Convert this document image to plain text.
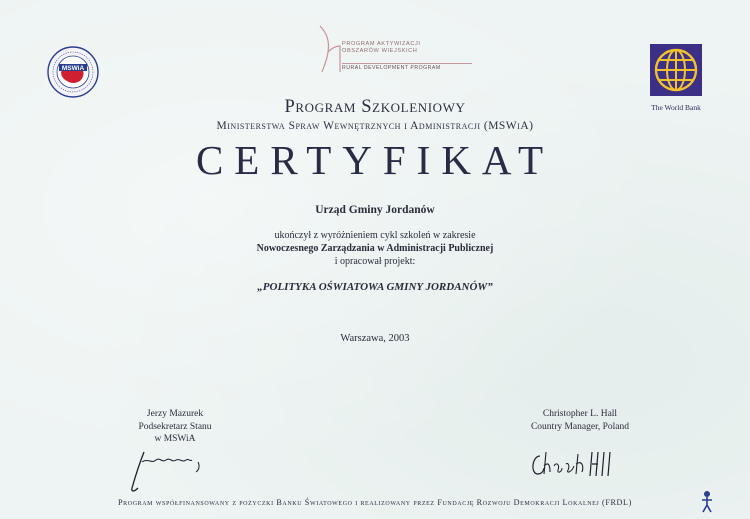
MSWiA
PROGRAM AKTYWIZACJI
OBSZARÓW WIEJSKICH
RURAL DEVELOPMENT PROGRAM
The World Bank
Program Szkoleniowy
Ministerstwa Spraw Wewnętrznych i Administracji (MSWiA)
CERTYFIKAT
Urząd Gminy Jordanów
ukończył z wyróżnieniem cykl szkoleń w zakresie
Nowoczesnego Zarządzania w Administracji Publicznej
i opracował projekt:
„POLITYKA OŚWIATOWA GMINY JORDANÓW”
Warszawa, 2003
Jerzy Mazurek
Podsekretarz Stanu
w MSWiA
Christopher L. Hall
Country Manager, Poland
Program współfinansowany z pożyczki Banku Światowego i realizowany przez Fundację Rozwoju Demokracji Lokalnej (FRDL)
